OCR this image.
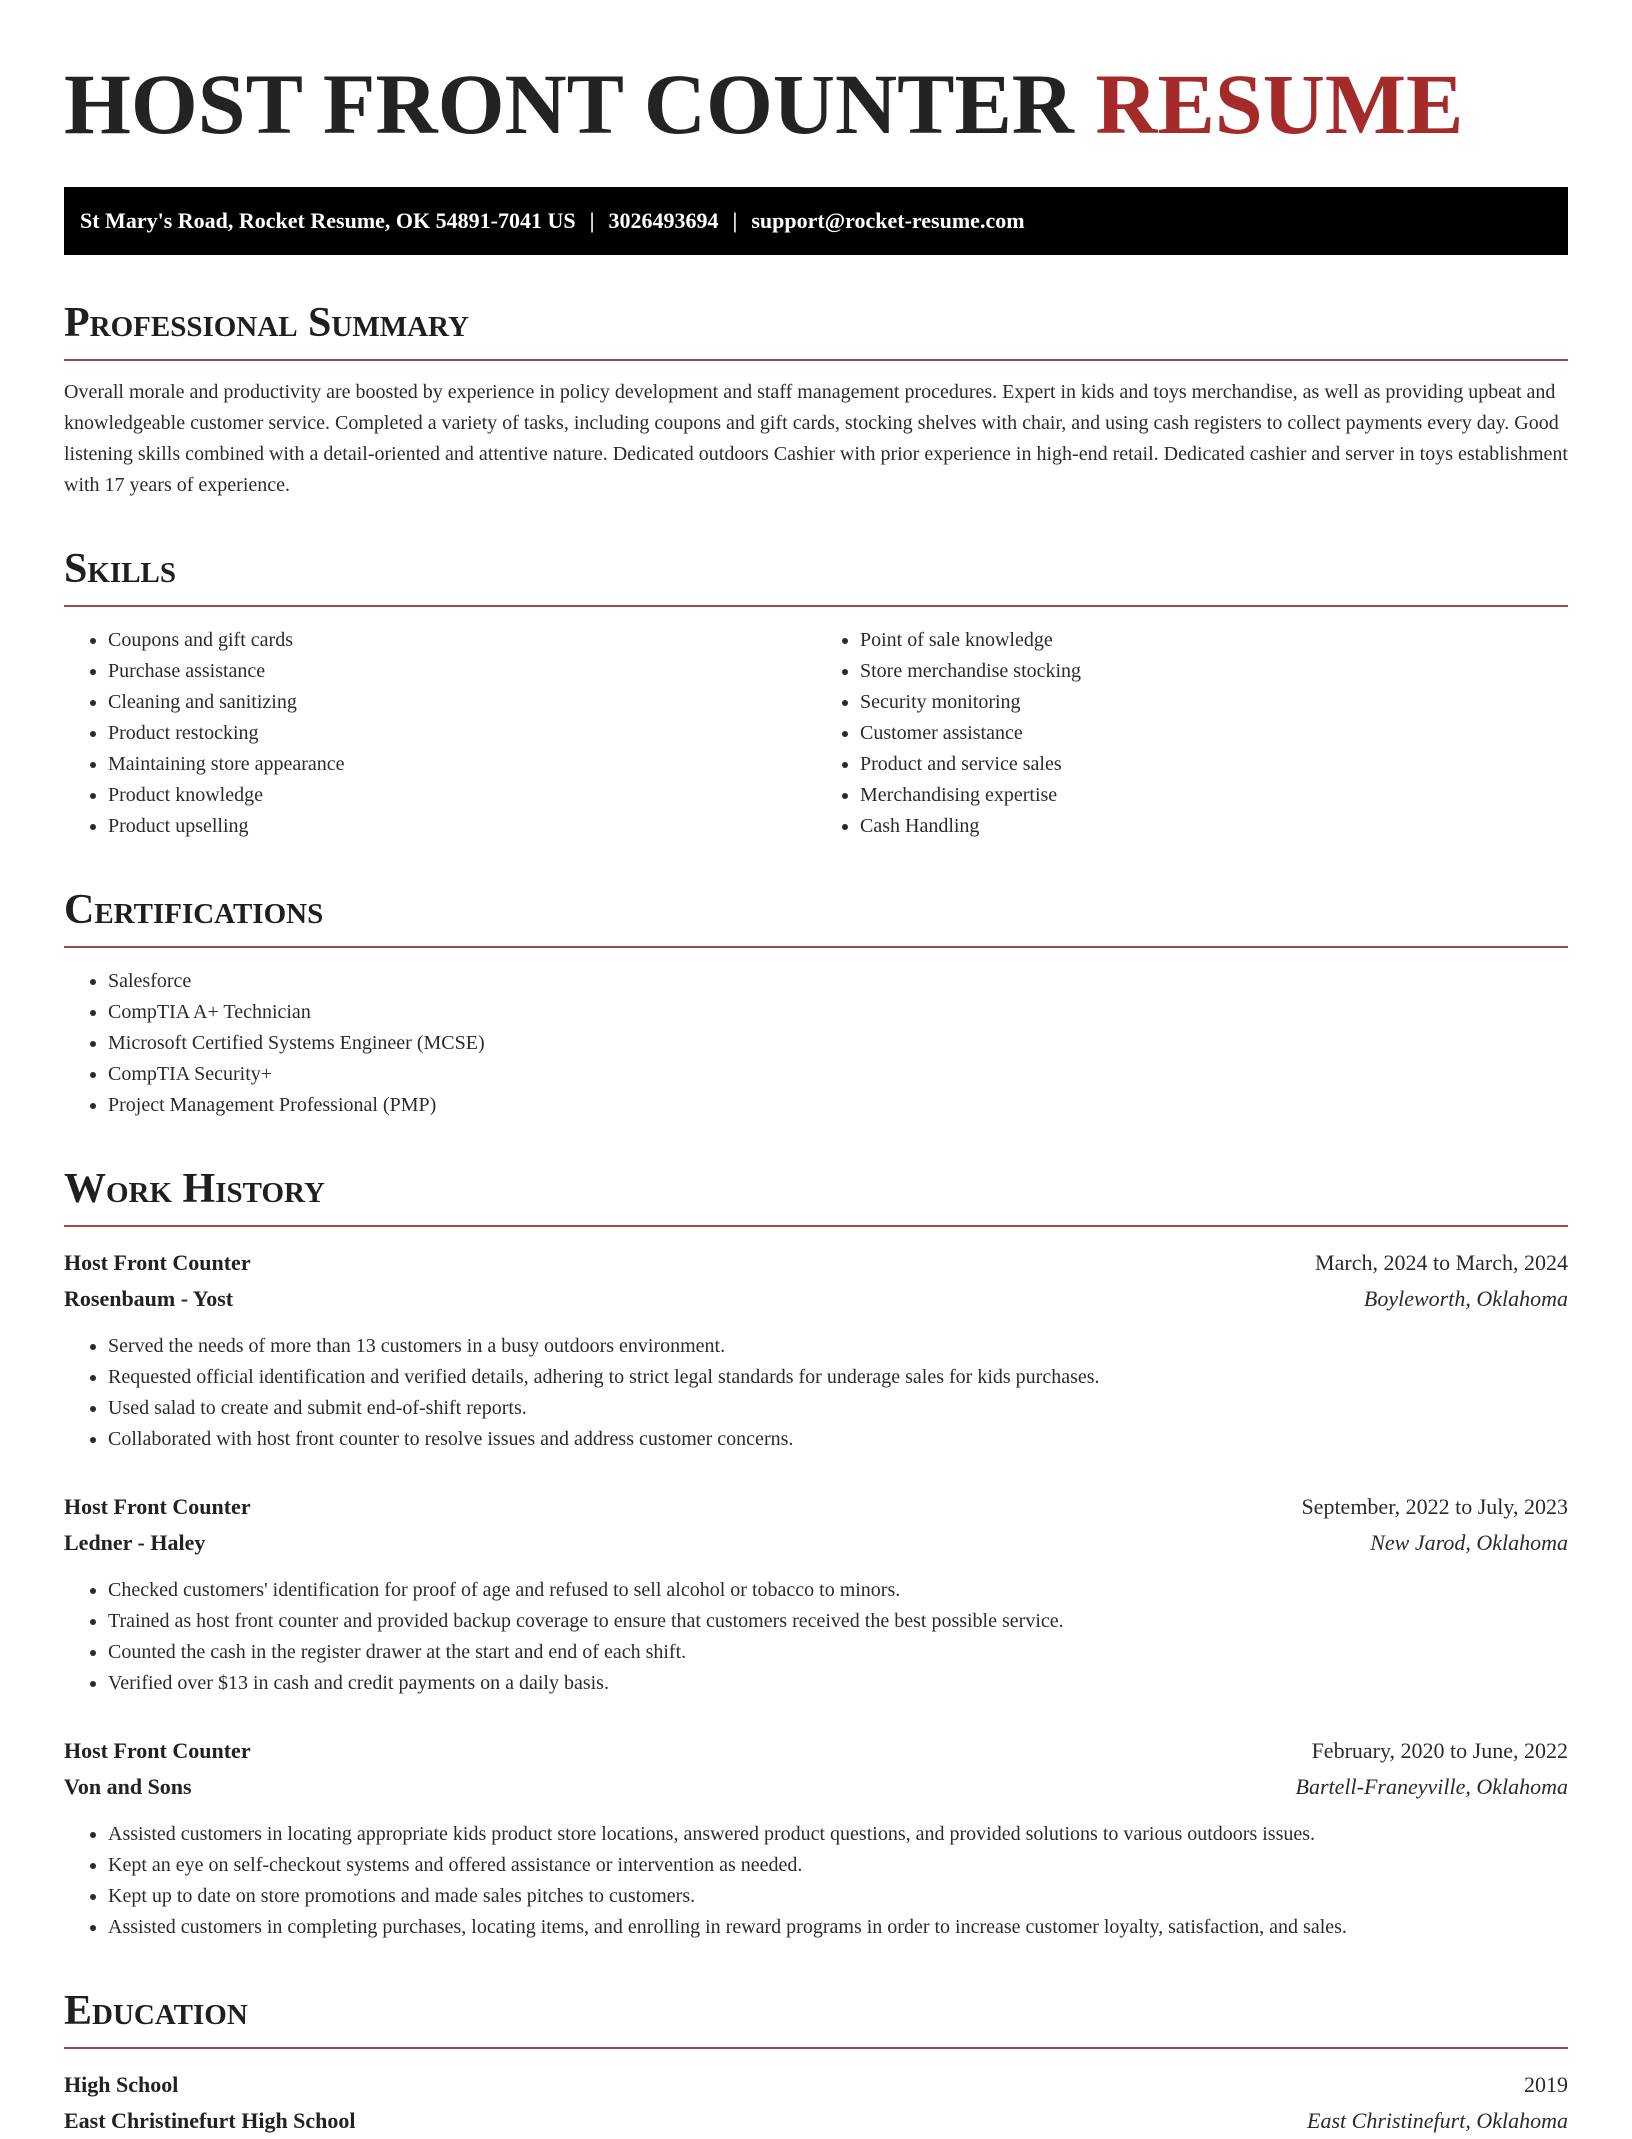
HOST FRONT COUNTER RESUME
St Mary's Road, Rocket Resume, OK 54891-7041 US | 3026493694 | support@rocket-resume.com
Professional Summary

Overall morale and productivity are boosted by experience in policy development and staff management procedures. Expert in kids and toys merchandise, as well as providing upbeat and knowledgeable customer service. Completed a variety of tasks, including coupons and gift cards, stocking shelves with chair, and using cash registers to collect payments every day. Good listening skills combined with a detail-oriented and attentive nature. Dedicated outdoors Cashier with prior experience in high-end retail. Dedicated cashier and server in toys establishment with 17 years of experience.

Skills
• Coupons and gift cards
• Purchase assistance
• Cleaning and sanitizing
• Product restocking
• Maintaining store appearance
• Product knowledge
• Product upselling
• Point of sale knowledge
• Store merchandise stocking
• Security monitoring
• Customer assistance
• Product and service sales
• Merchandising expertise
• Cash Handling
Certifications
• Salesforce
• CompTIA A+ Technician
• Microsoft Certified Systems Engineer (MCSE)
• CompTIA Security+
• Project Management Professional (PMP)
Work History
Host Front Counter	March, 2024 to March, 2024
Rosenbaum - Yost	Boyleworth, Oklahoma
• Served the needs of more than 13 customers in a busy outdoors environment.
• Requested official identification and verified details, adhering to strict legal standards for underage sales for kids purchases.
• Used salad to create and submit end-of-shift reports.
• Collaborated with host front counter to resolve issues and address customer concerns.
Host Front Counter	September, 2022 to July, 2023
Ledner - Haley	New Jarod, Oklahoma
• Checked customers' identification for proof of age and refused to sell alcohol or tobacco to minors.
• Trained as host front counter and provided backup coverage to ensure that customers received the best possible service.
• Counted the cash in the register drawer at the start and end of each shift.
• Verified over $13 in cash and credit payments on a daily basis.
Host Front Counter	February, 2020 to June, 2022
Von and Sons	Bartell-Franeyville, Oklahoma
• Assisted customers in locating appropriate kids product store locations, answered product questions, and provided solutions to various outdoors issues.
• Kept an eye on self-checkout systems and offered assistance or intervention as needed.
• Kept up to date on store promotions and made sales pitches to customers.
• Assisted customers in completing purchases, locating items, and enrolling in reward programs in order to increase customer loyalty, satisfaction, and sales.
Education
High School	2019
East Christinefurt High School	East Christinefurt, Oklahoma
